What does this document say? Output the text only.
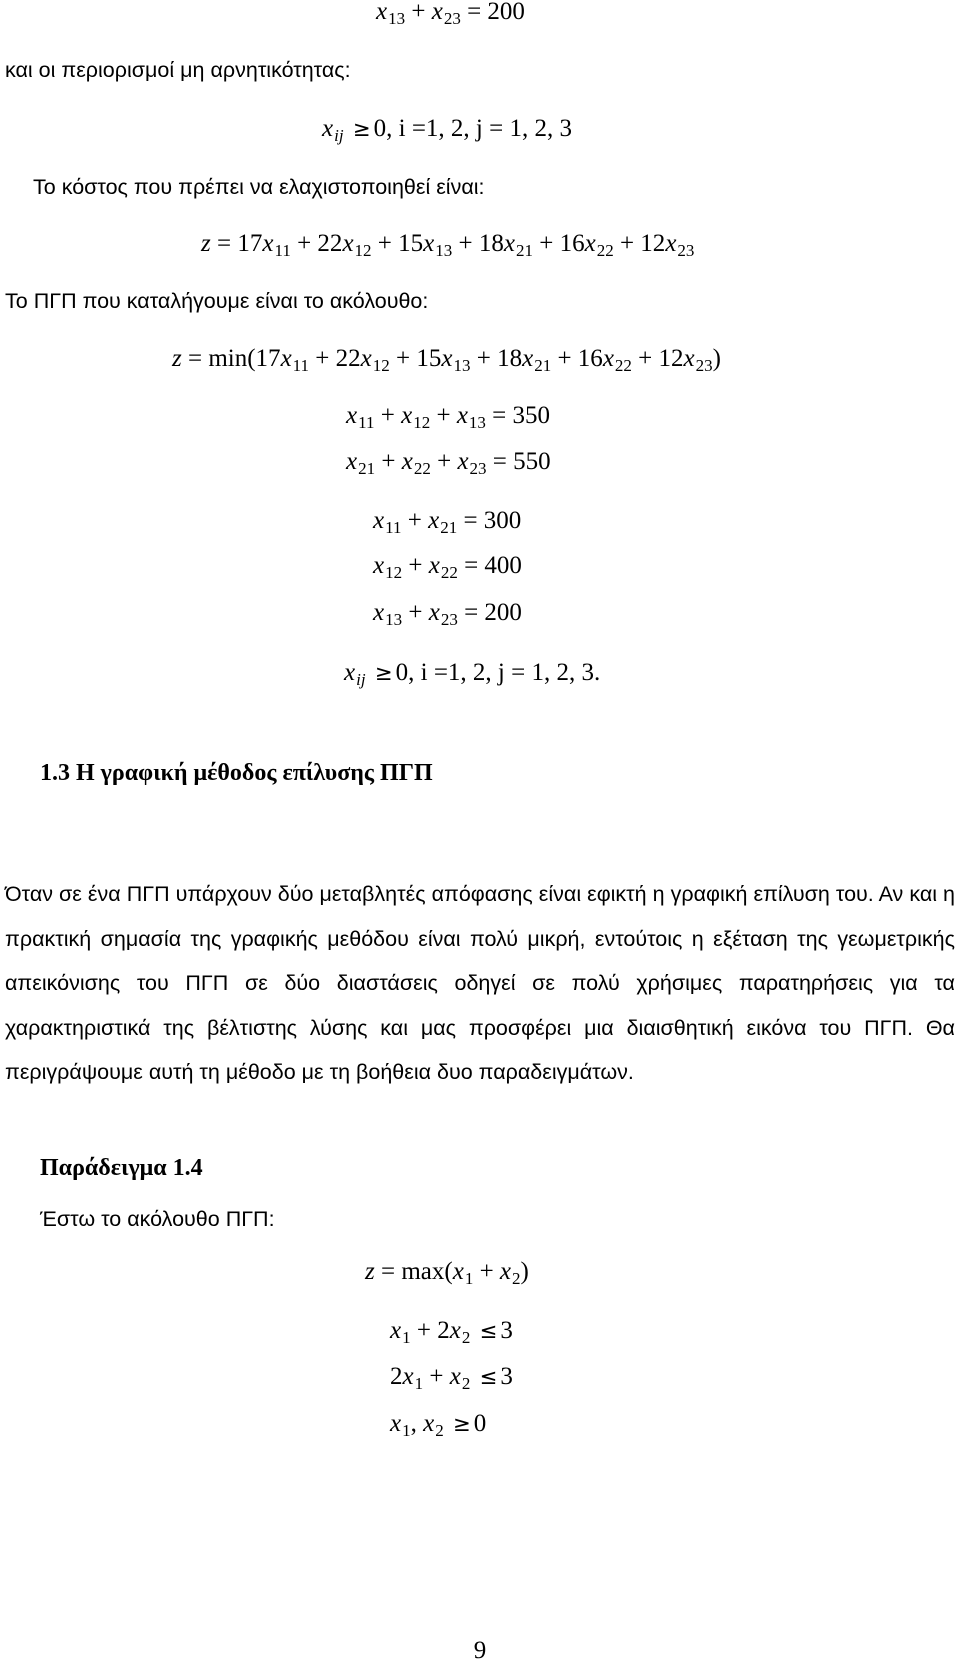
$x_{13} + x_{23} = 200$
και οι περιορισμοί μη αρνητικότητας:
$x_{ij} \ge 0$, i =1, 2, j = 1, 2, 3
Το κόστος που πρέπει να ελαχιστοποιηθεί είναι:
$z = 17x_{11} + 22x_{12} + 15x_{13} + 18x_{21} + 16x_{22} + 12x_{23}$
Το ΠΓΠ που καταλήγουμε είναι το ακόλουθο:
$z = \min(17x_{11} + 22x_{12} + 15x_{13} + 18x_{21} + 16x_{22} + 12x_{23})$
$x_{11} + x_{12} + x_{13} = 350$
$x_{21} + x_{22} + x_{23} = 550$
$x_{11} + x_{21} = 300$
$x_{12} + x_{22} = 400$
$x_{13} + x_{23} = 200$
$x_{ij} \ge 0$, i =1, 2, j = 1, 2, 3.
1.3 Η γραφική μέθοδος επίλυσης ΠΓΠ
Όταν σε ένα ΠΓΠ υπάρχουν δύο μεταβλητές απόφασης είναι εφικτή η γραφική επίλυση του. Αν και η πρακτική σημασία της γραφικής μεθόδου είναι πολύ μικρή, εντούτοις η εξέταση της γεωμετρικής απεικόνισης του ΠΓΠ σε δύο διαστάσεις οδηγεί σε πολύ χρήσιμες παρατηρήσεις για τα χαρακτηριστικά της βέλτιστης λύσης και μας προσφέρει μια διαισθητική εικόνα του ΠΓΠ. Θα περιγράψουμε αυτή τη μέθοδο με τη βοήθεια δυο παραδειγμάτων.
Παράδειγμα 1.4
Έστω το ακόλουθο ΠΓΠ:
$z = \max(x_1 + x_2)$
$x_1 + 2x_2 \le 3$
$2x_1 + x_2 \le 3$
$x_1$, $x_2 \ge 0$
9
